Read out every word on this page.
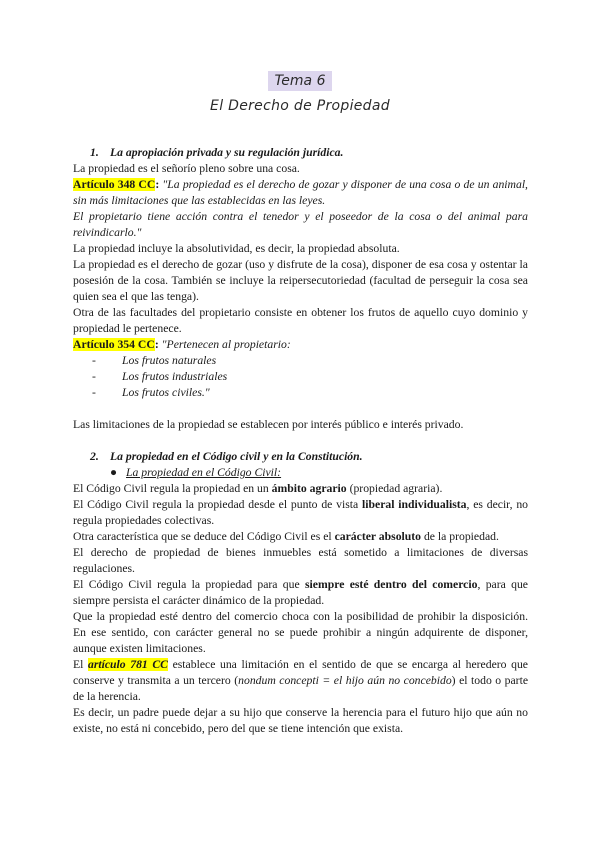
Tema 6
El Derecho de Propiedad

1. La apropiación privada y su regulación jurídica.

La propiedad es el señorío pleno sobre una cosa.

Artículo 348 CC: "La propiedad es el derecho de gozar y disponer de una cosa o de un animal, sin más limitaciones que las establecidas en las leyes.

El propietario tiene acción contra el tenedor y el poseedor de la cosa o del animal para reivindicarlo."

La propiedad incluye la absolutividad, es decir, la propiedad absoluta.

La propiedad es el derecho de gozar (uso y disfrute de la cosa), disponer de esa cosa y ostentar la posesión de la cosa. También se incluye la reipersecutoriedad (facultad de perseguir la cosa sea quien sea el que las tenga).

Otra de las facultades del propietario consiste en obtener los frutos de aquello cuyo dominio y propiedad le pertenece.

Artículo 354 CC: "Pertenecen al propietario:

- Los frutos naturales

- Los frutos industriales

- Los frutos civiles."

Las limitaciones de la propiedad se establecen por interés público e interés privado.

2. La propiedad en el Código civil y en la Constitución.

● La propiedad en el Código Civil:

El Código Civil regula la propiedad en un ámbito agrario (propiedad agraria).

El Código Civil regula la propiedad desde el punto de vista liberal individualista, es decir, no regula propiedades colectivas.

Otra característica que se deduce del Código Civil es el carácter absoluto de la propiedad.

El derecho de propiedad de bienes inmuebles está sometido a limitaciones de diversas regulaciones.

El Código Civil regula la propiedad para que siempre esté dentro del comercio, para que siempre persista el carácter dinámico de la propiedad.

Que la propiedad esté dentro del comercio choca con la posibilidad de prohibir la disposición. En ese sentido, con carácter general no se puede prohibir a ningún adquirente de disponer, aunque existen limitaciones.

El artículo 781 CC establece una limitación en el sentido de que se encarga al heredero que conserve y transmita a un tercero (nondum concepti = el hijo aún no concebido) el todo o parte de la herencia.

Es decir, un padre puede dejar a su hijo que conserve la herencia para el futuro hijo que aún no existe, no está ni concebido, pero del que se tiene intención que exista.
